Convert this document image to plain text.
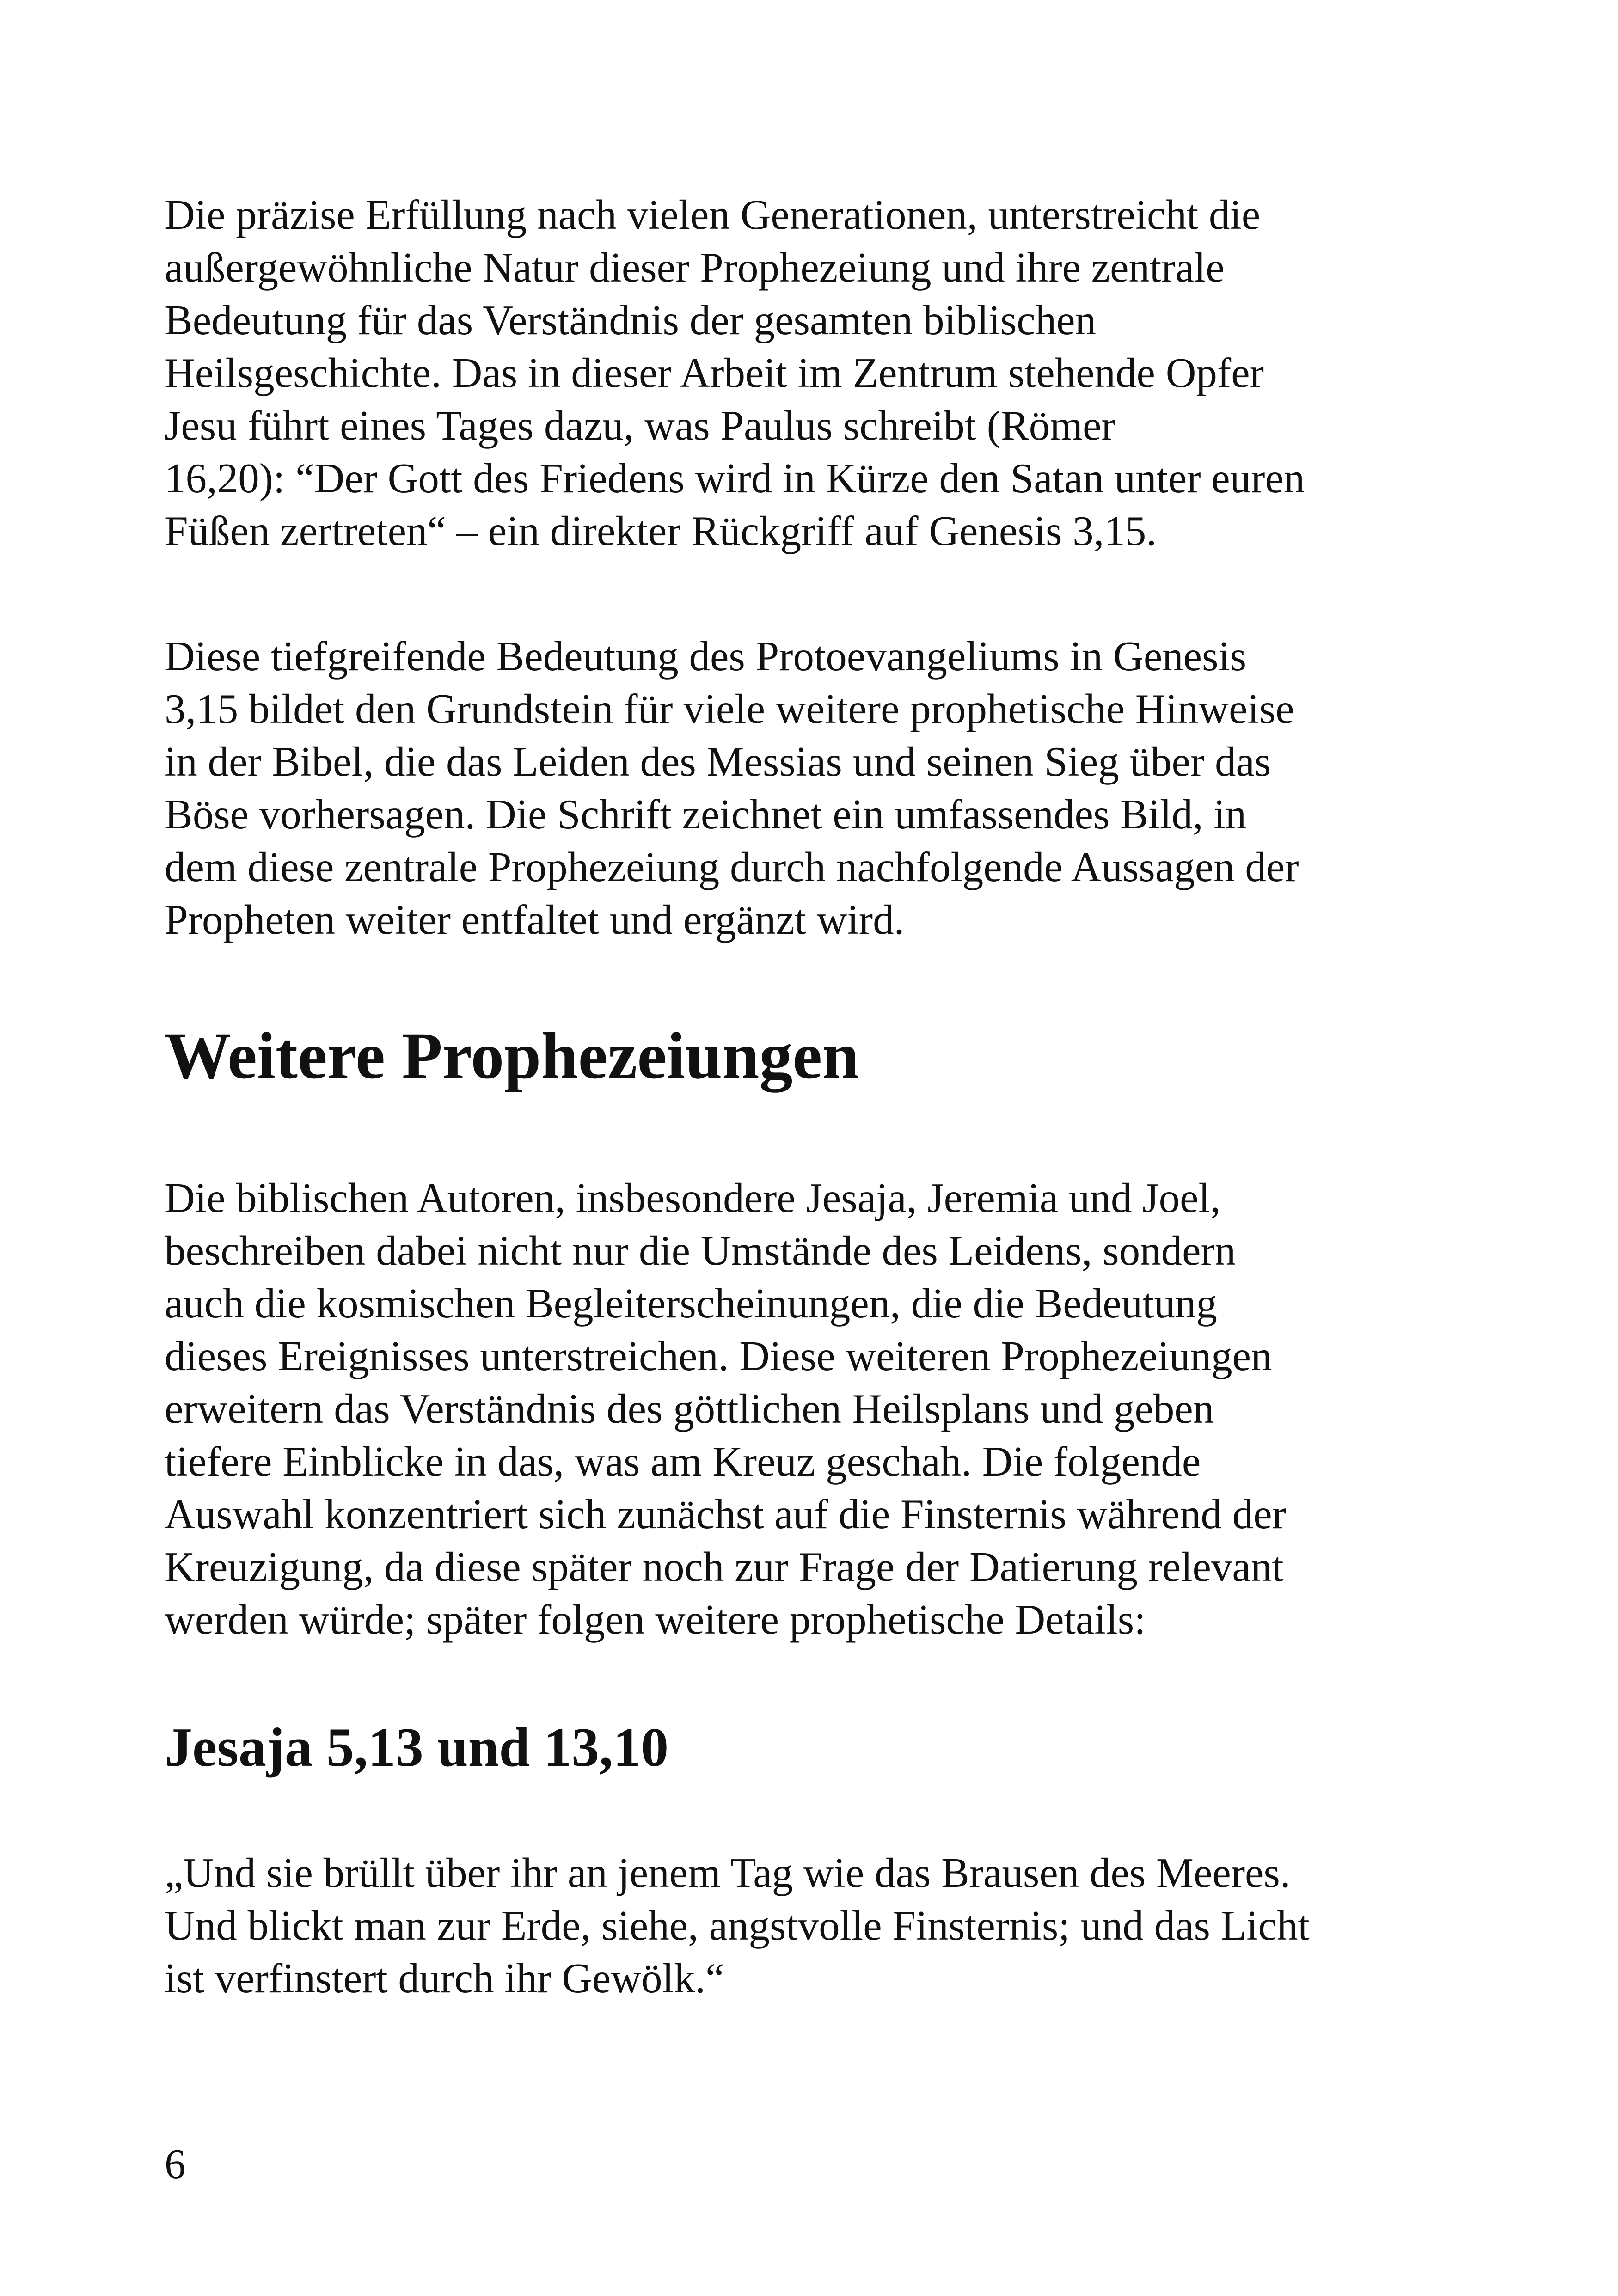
Die präzise Erfüllung nach vielen Generationen, unterstreicht die
außergewöhnliche Natur dieser Prophezeiung und ihre zentrale
Bedeutung für das Verständnis der gesamten biblischen
Heilsgeschichte. Das in dieser Arbeit im Zentrum stehende Opfer
Jesu führt eines Tages dazu, was Paulus schreibt (Römer
16,20): “Der Gott des Friedens wird in Kürze den Satan unter euren
Füßen zertreten“ – ein direkter Rückgriff auf Genesis 3,15.
Diese tiefgreifende Bedeutung des Protoevangeliums in Genesis
3,15 bildet den Grundstein für viele weitere prophetische Hinweise
in der Bibel, die das Leiden des Messias und seinen Sieg über das
Böse vorhersagen. Die Schrift zeichnet ein umfassendes Bild, in
dem diese zentrale Prophezeiung durch nachfolgende Aussagen der
Propheten weiter entfaltet und ergänzt wird.
Weitere Prophezeiungen
Die biblischen Autoren, insbesondere Jesaja, Jeremia und Joel,
beschreiben dabei nicht nur die Umstände des Leidens, sondern
auch die kosmischen Begleiterscheinungen, die die Bedeutung
dieses Ereignisses unterstreichen. Diese weiteren Prophezeiungen
erweitern das Verständnis des göttlichen Heilsplans und geben
tiefere Einblicke in das, was am Kreuz geschah. Die folgende
Auswahl konzentriert sich zunächst auf die Finsternis während der
Kreuzigung, da diese später noch zur Frage der Datierung relevant
werden würde; später folgen weitere prophetische Details:
Jesaja 5,13 und 13,10
„Und sie brüllt über ihr an jenem Tag wie das Brausen des Meeres.
Und blickt man zur Erde, siehe, angstvolle Finsternis; und das Licht
ist verfinstert durch ihr Gewölk.“
6
